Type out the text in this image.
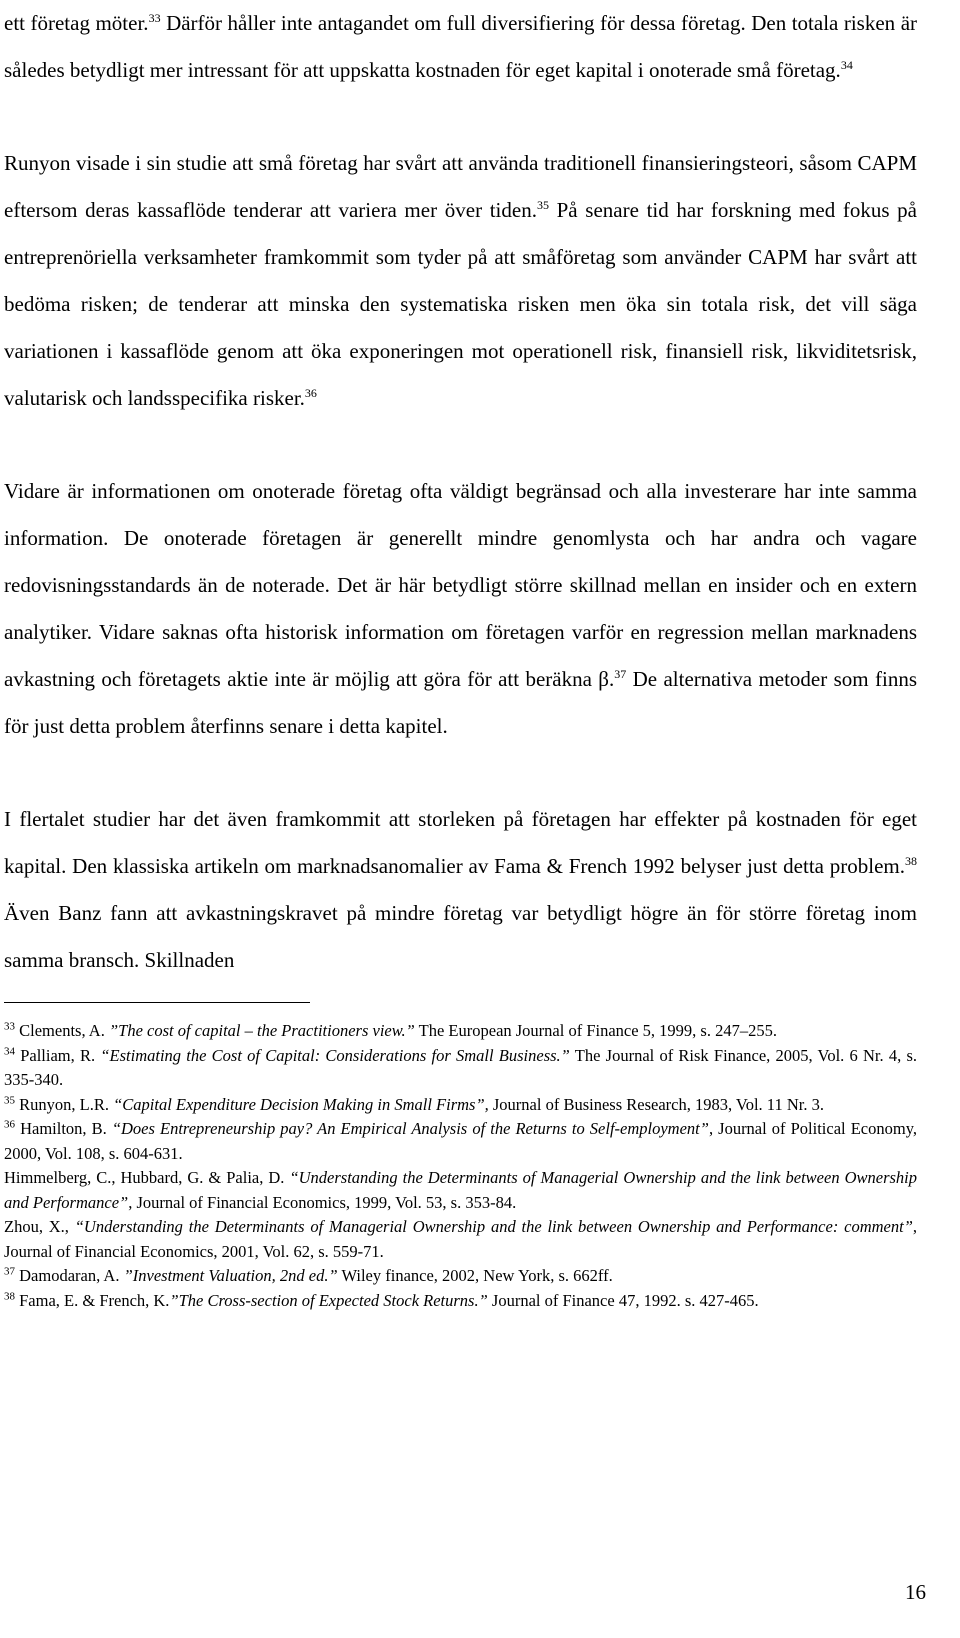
ett företag möter.$^{33}$ Därför håller inte antagandet om full diversifiering för dessa företag. Den totala risken är således betydligt mer intressant för att uppskatta kostnaden för eget kapital i onoterade små företag.$^{34}$

Runyon visade i sin studie att små företag har svårt att använda traditionell finansieringsteori, såsom CAPM eftersom deras kassaflöde tenderar att variera mer över tiden.$^{35}$ På senare tid har forskning med fokus på entreprenöriella verksamheter framkommit som tyder på att småföretag som använder CAPM har svårt att bedöma risken; de tenderar att minska den systematiska risken men öka sin totala risk, det vill säga variationen i kassaflöde genom att öka exponeringen mot operationell risk, finansiell risk, likviditetsrisk, valutarisk och landsspecifika risker.$^{36}$

Vidare är informationen om onoterade företag ofta väldigt begränsad och alla investerare har inte samma information. De onoterade företagen är generellt mindre genomlysta och har andra och vagare redovisningsstandards än de noterade. Det är här betydligt större skillnad mellan en insider och en extern analytiker. Vidare saknas ofta historisk information om företagen varför en regression mellan marknadens avkastning och företagets aktie inte är möjlig att göra för att beräkna β.$^{37}$ De alternativa metoder som finns för just detta problem återfinns senare i detta kapitel.

I flertalet studier har det även framkommit att storleken på företagen har effekter på kostnaden för eget kapital. Den klassiska artikeln om marknadsanomalier av Fama & French 1992 belyser just detta problem.$^{38}$ Även Banz fann att avkastningskravet på mindre företag var betydligt högre än för större företag inom samma bransch. Skillnaden

$^{33}$ Clements, A. ”The cost of capital – the Practitioners view.” The European Journal of Finance 5, 1999, s. 247–255.

$^{34}$ Palliam, R. “Estimating the Cost of Capital: Considerations for Small Business.” The Journal of Risk Finance, 2005, Vol. 6 Nr. 4, s. 335-340.

$^{35}$ Runyon, L.R. “Capital Expenditure Decision Making in Small Firms”, Journal of Business Research, 1983, Vol. 11 Nr. 3.

$^{36}$ Hamilton, B. “Does Entrepreneurship pay? An Empirical Analysis of the Returns to Self-employment”, Journal of Political Economy, 2000, Vol. 108, s. 604-631.

Himmelberg, C., Hubbard, G. & Palia, D. “Understanding the Determinants of Managerial Ownership and the link between Ownership and Performance”, Journal of Financial Economics, 1999, Vol. 53, s. 353-84.

Zhou, X., “Understanding the Determinants of Managerial Ownership and the link between Ownership and Performance: comment”, Journal of Financial Economics, 2001, Vol. 62, s. 559-71.

$^{37}$ Damodaran, A. ”Investment Valuation, 2nd ed.” Wiley finance, 2002, New York, s. 662ff.

$^{38}$ Fama, E. & French, K.”The Cross-section of Expected Stock Returns.” Journal of Finance 47, 1992. s. 427-465.

16
